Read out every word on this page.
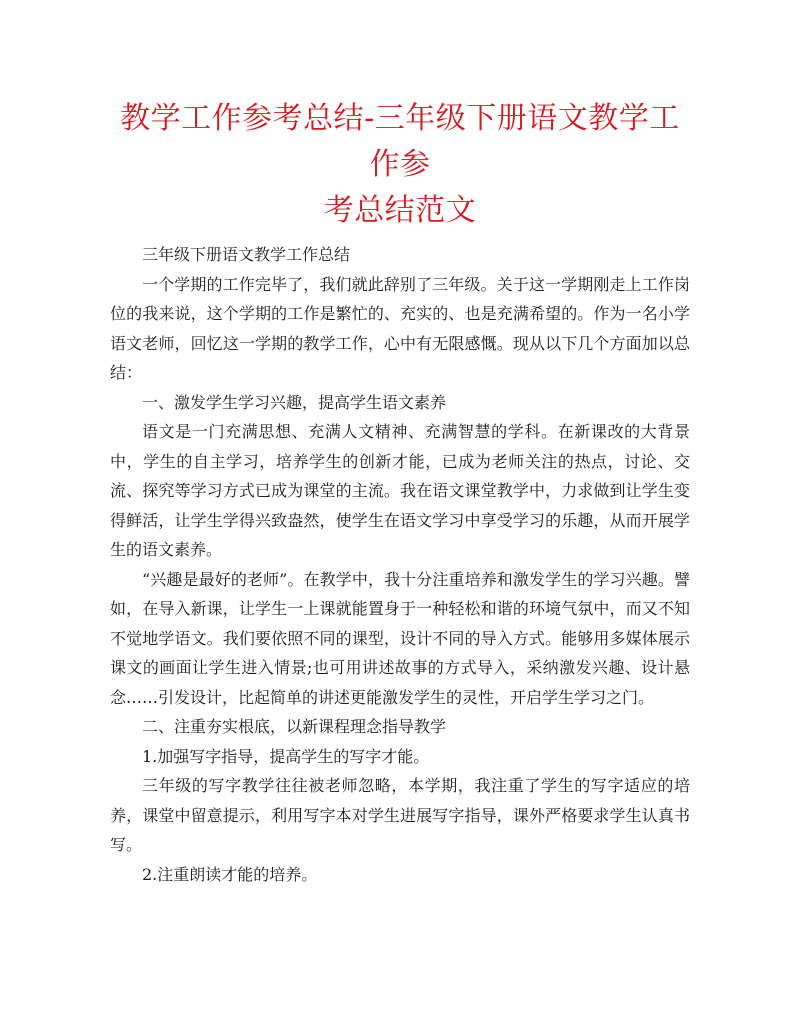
教学工作参考总结-三年级下册语文教学工作参
考总结范文

三年级下册语文教学工作总结

一个学期的工作完毕了，我们就此辞别了三年级。关于这一学期刚走上工作岗位的我来说，这个学期的工作是繁忙的、充实的、也是充满希望的。作为一名小学语文老师，回忆这一学期的教学工作，心中有无限感慨。现从以下几个方面加以总结：

一、激发学生学习兴趣，提高学生语文素养

语文是一门充满思想、充满人文精神、充满智慧的学科。在新课改的大背景中，学生的自主学习，培养学生的创新才能，已成为老师关注的热点，讨论、交流、探究等学习方式已成为课堂的主流。我在语文课堂教学中，力求做到让学生变得鲜活，让学生学得兴致盎然，使学生在语文学习中享受学习的乐趣，从而开展学生的语文素养。

“兴趣是最好的老师”。在教学中，我十分注重培养和激发学生的学习兴趣。譬如，在导入新课，让学生一上课就能置身于一种轻松和谐的环境气氛中，而又不知不觉地学语文。我们要依照不同的课型，设计不同的导入方式。能够用多媒体展示课文的画面让学生进入情景;也可用讲述故事的方式导入，采纳激发兴趣、设计悬念……引发设计，比起简单的讲述更能激发学生的灵性，开启学生学习之门。

二、注重夯实根底，以新课程理念指导教学

1.加强写字指导，提高学生的写字才能。

三年级的写字教学往往被老师忽略，本学期，我注重了学生的写字适应的培养，课堂中留意提示，利用写字本对学生进展写字指导，课外严格要求学生认真书写。

2.注重朗读才能的培养。
